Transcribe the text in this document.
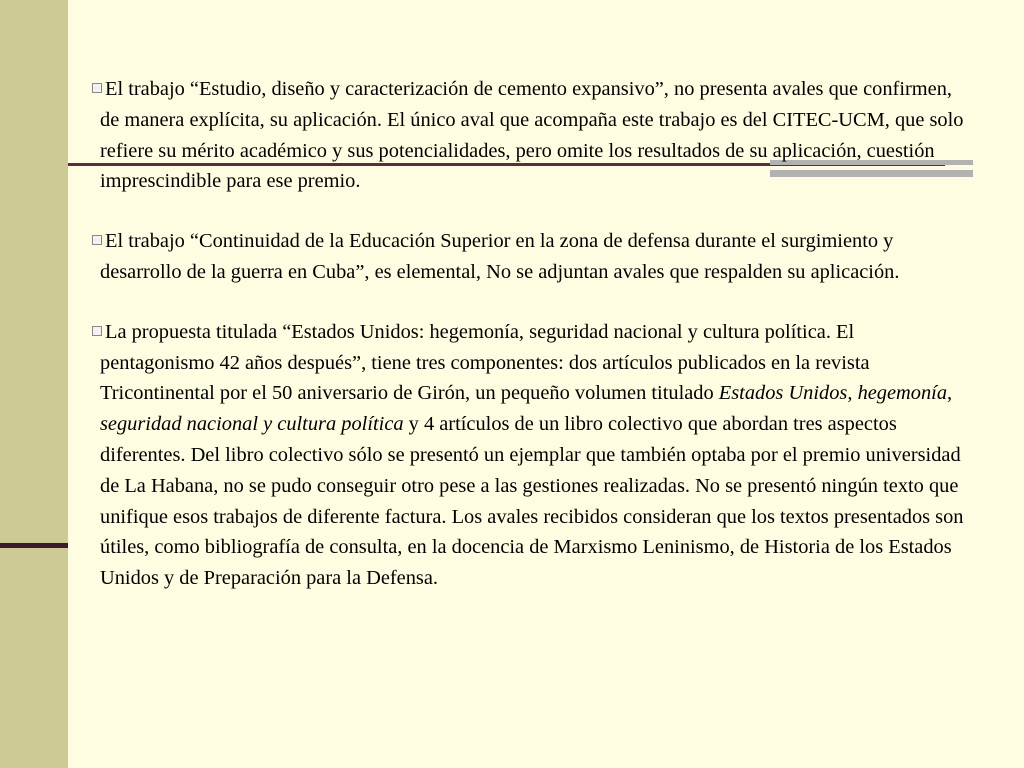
El trabajo “Estudio, diseño y caracterización de cemento expansivo”, no presenta avales que confirmen, de manera explícita, su aplicación. El único aval que acompaña este trabajo es del CITEC-UCM, que solo refiere su mérito académico y sus potencialidades, pero omite los resultados de su aplicación, cuestión imprescindible para ese premio.

El trabajo “Continuidad de la Educación Superior en la zona de defensa durante el surgimiento y desarrollo de la guerra en Cuba”, es elemental, No se adjuntan avales que respalden su aplicación.

La propuesta titulada “Estados Unidos: hegemonía, seguridad nacional y cultura política. El pentagonismo 42 años después”, tiene tres componentes: dos artículos publicados en la revista Tricontinental por el 50 aniversario de Girón, un pequeño volumen titulado Estados Unidos, hegemonía, seguridad nacional y cultura política y 4 artículos de un libro colectivo que abordan tres aspectos diferentes. Del libro colectivo sólo se presentó un ejemplar que también optaba por el premio universidad de La Habana, no se pudo conseguir otro pese a las gestiones realizadas. No se presentó ningún texto que unifique esos trabajos de diferente factura. Los avales recibidos consideran que los textos presentados son útiles, como bibliografía de consulta, en la docencia de Marxismo Leninismo, de Historia de los Estados Unidos y de Preparación para la Defensa.
